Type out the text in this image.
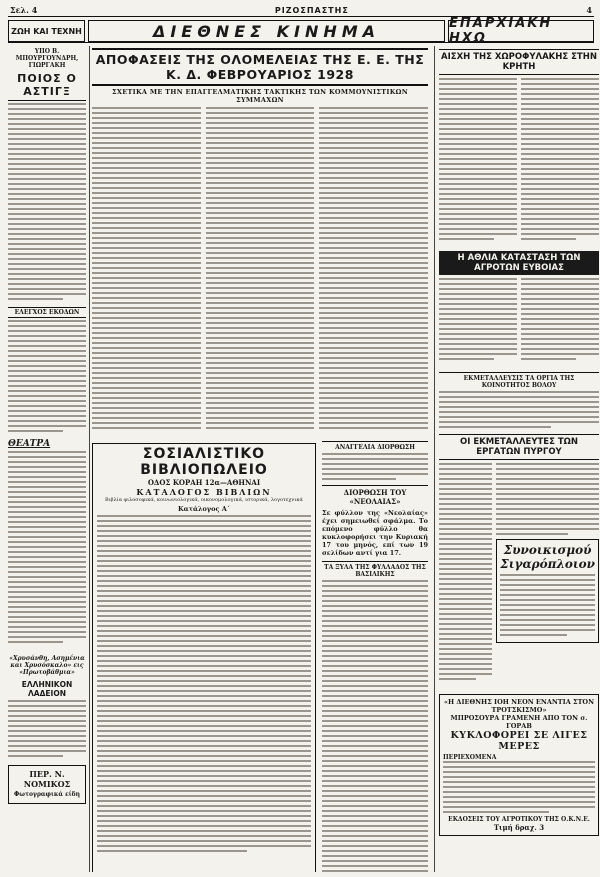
Σελ. 4	ΡΙΖΟΣΠΑΣΤΗΣ	4
ΖΩΗ ΚΑΙ ΤΕΧΝΗ	ΔΙΕΘΝΕΣ ΚΙΝΗΜΑ	ΕΠΑΡΧΙΑΚΗ ΗΧΩ
ΥΠΟ Β. ΜΠΟΥΡΓΟΥΝΔΡΗ, ΓΙΩΡΓΑΚΗ
ΠΟΙΟΣ Ο ΑΣΤΙΓΞ
ΕΛΕΓΧΟΣ ΕΚΟΔΩΝ
ΘΕΑΤΡΑ
«Χρυσάνθη, Ασημένια και Χρυσόσκαλο» εις «Πρωτοβάθμια»
ΕΛΛΗΝΙΚΟΝ ΛΑΔΕΙΟΝ
ΠΕΡ. Ν. ΝΟΜΙΚΟΣ
Φωτογραφικά είδη
ΑΠΟΦΑΣΕΙΣ ΤΗΣ ΟΛΟΜΕΛΕΙΑΣ ΤΗΣ Ε. Ε. ΤΗΣ Κ. Δ. ΦΕΒΡΟΥΑΡΙΟΣ 1928
ΣΧΕΤΙΚΑ ΜΕ ΤΗΝ ΕΠΑΓΓΕΛΜΑΤΙΚΗΣ ΤΑΚΤΙΚΗΣ ΤΩΝ ΚΟΜΜΟΥΝΙΣΤΙΚΩΝ ΣΥΜΜΑΧΩΝ
ΣΟΣΙΑΛΙΣΤΙΚΟ ΒΙΒΛΙΟΠΩΛΕΙΟ
ΟΔΟΣ ΚΟΡΑΗ 12α—ΑΘΗΝΑΙ
ΚΑΤΑΛΟΓΟΣ ΒΙΒΛΙΩΝ
Βιβλία φιλοσοφικά, κοινωνιολογικά, οικονομολογικά, ιστορικά, λογοτεχνικά
Κατάλογος Α΄
ΑΝΑΓΓΕΛΙΑ ΔΙΟΡΘΩΣΗ
ΔΙΟΡΘΩΣΗ ΤΟΥ «ΝΕΟΛΑΙΑΣ»
Σε φύλλον της «Νεολαίας» έχει σημειωθεί σφάλμα. Το επόμενο φύλλο θα κυκλοφορήσει την Κυριακή 17 του μηνός, επί των 19 σελίδων αντί για 17.
ΤΑ ΞΥΛΑ ΤΗΣ ΦΥΛΛΑΔΟΣ ΤΗΣ ΒΑΣΙΛΙΚΗΣ
ΑΙΣΧΗ ΤΗΣ ΧΩΡΟΦΥΛΑΚΗΣ ΣΤΗΝ ΚΡΗΤΗ
Η ΑΘΛΙΑ ΚΑΤΑΣΤΑΣΗ ΤΩΝ ΑΓΡΟΤΩΝ ΕΥΒΟΙΑΣ
ΕΚΜΕΤΑΛΛΕΥΣΙΣ ΤΑ ΟΡΓΙΑ ΤΗΣ ΚΟΙΝΟΤΗΤΟΣ ΒΟΛΟΥ
ΟΙ ΕΚΜΕΤΑΛΛΕΥΤΕΣ ΤΩΝ ΕΡΓΑΤΩΝ ΠΥΡΓΟΥ
Συνοικισμού Σιγαρόπλοιον
«Η ΔΙΕΘΝΗΣ ΙΟΗ ΝΕΟΝ ΕΝΑΝΤΙΑ ΣΤΟΝ ΤΡΟΤΣΚΙΣΜΟ»
ΜΠΡΟΣΟΥΡΑ ΓΡΑΜΕΝΗ ΑΠΟ ΤΟΝ σ. ΓΟΡΑΒ
ΚΥΚΛΟΦΟΡΕΙ ΣΕ ΛΙΓΕΣ ΜΕΡΕΣ
ΠΕΡΙΕΧΟΜΕΝΑ
ΕΚΔΟΣΕΙΣ ΤΟΥ ΑΓΡΟΤΙΚΟΥ ΤΗΣ Ο.Κ.Ν.Ε.
Τιμή δραχ. 3
